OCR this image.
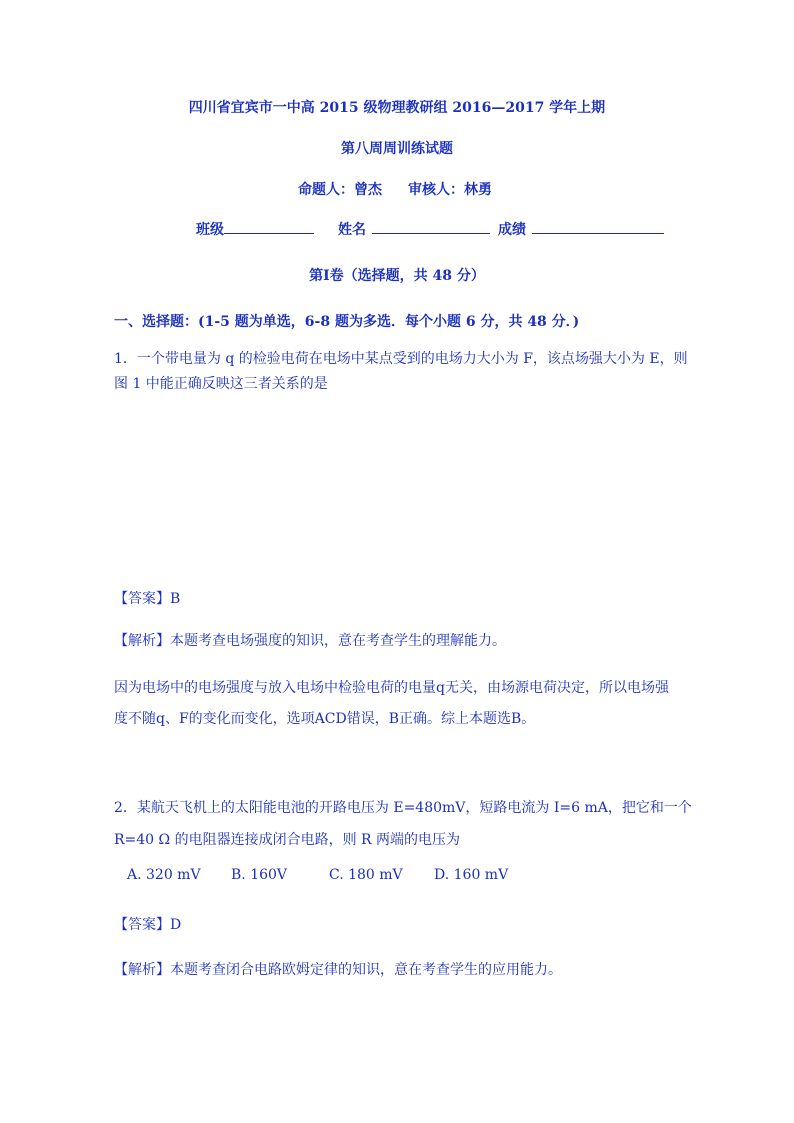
四川省宜宾市一中高 2015 级物理教研组 2016—2017 学年上期
第八周周训练试题
命题人：曾杰 审核人：林勇
班级	姓名	成绩
第Ⅰ卷（选择题，共 48 分）
一、选择题：(1-5 题为单选，6-8 题为多选．每个小题 6 分，共 48 分．)
1．一个带电量为 q 的检验电荷在电场中某点受到的电场力大小为 F，该点场强大小为 E，则
图 1 中能正确反映这三者关系的是
【答案】B
【解析】本题考查电场强度的知识，意在考查学生的理解能力。
因为电场中的电场强度与放入电场中检验电荷的电量q无关，由场源电荷决定，所以电场强
度不随q、F的变化而变化，选项ACD错误，B正确。综上本题选B。
2．某航天飞机上的太阳能电池的开路电压为 E=480mV，短路电流为 I=6 mA，把它和一个
R=40 Ω 的电阻器连接成闭合电路，则 R 两端的电压为
A. 320 mV B. 160V	C. 180 mV D. 160 mV
【答案】D
【解析】本题考查闭合电路欧姆定律的知识，意在考查学生的应用能力。
